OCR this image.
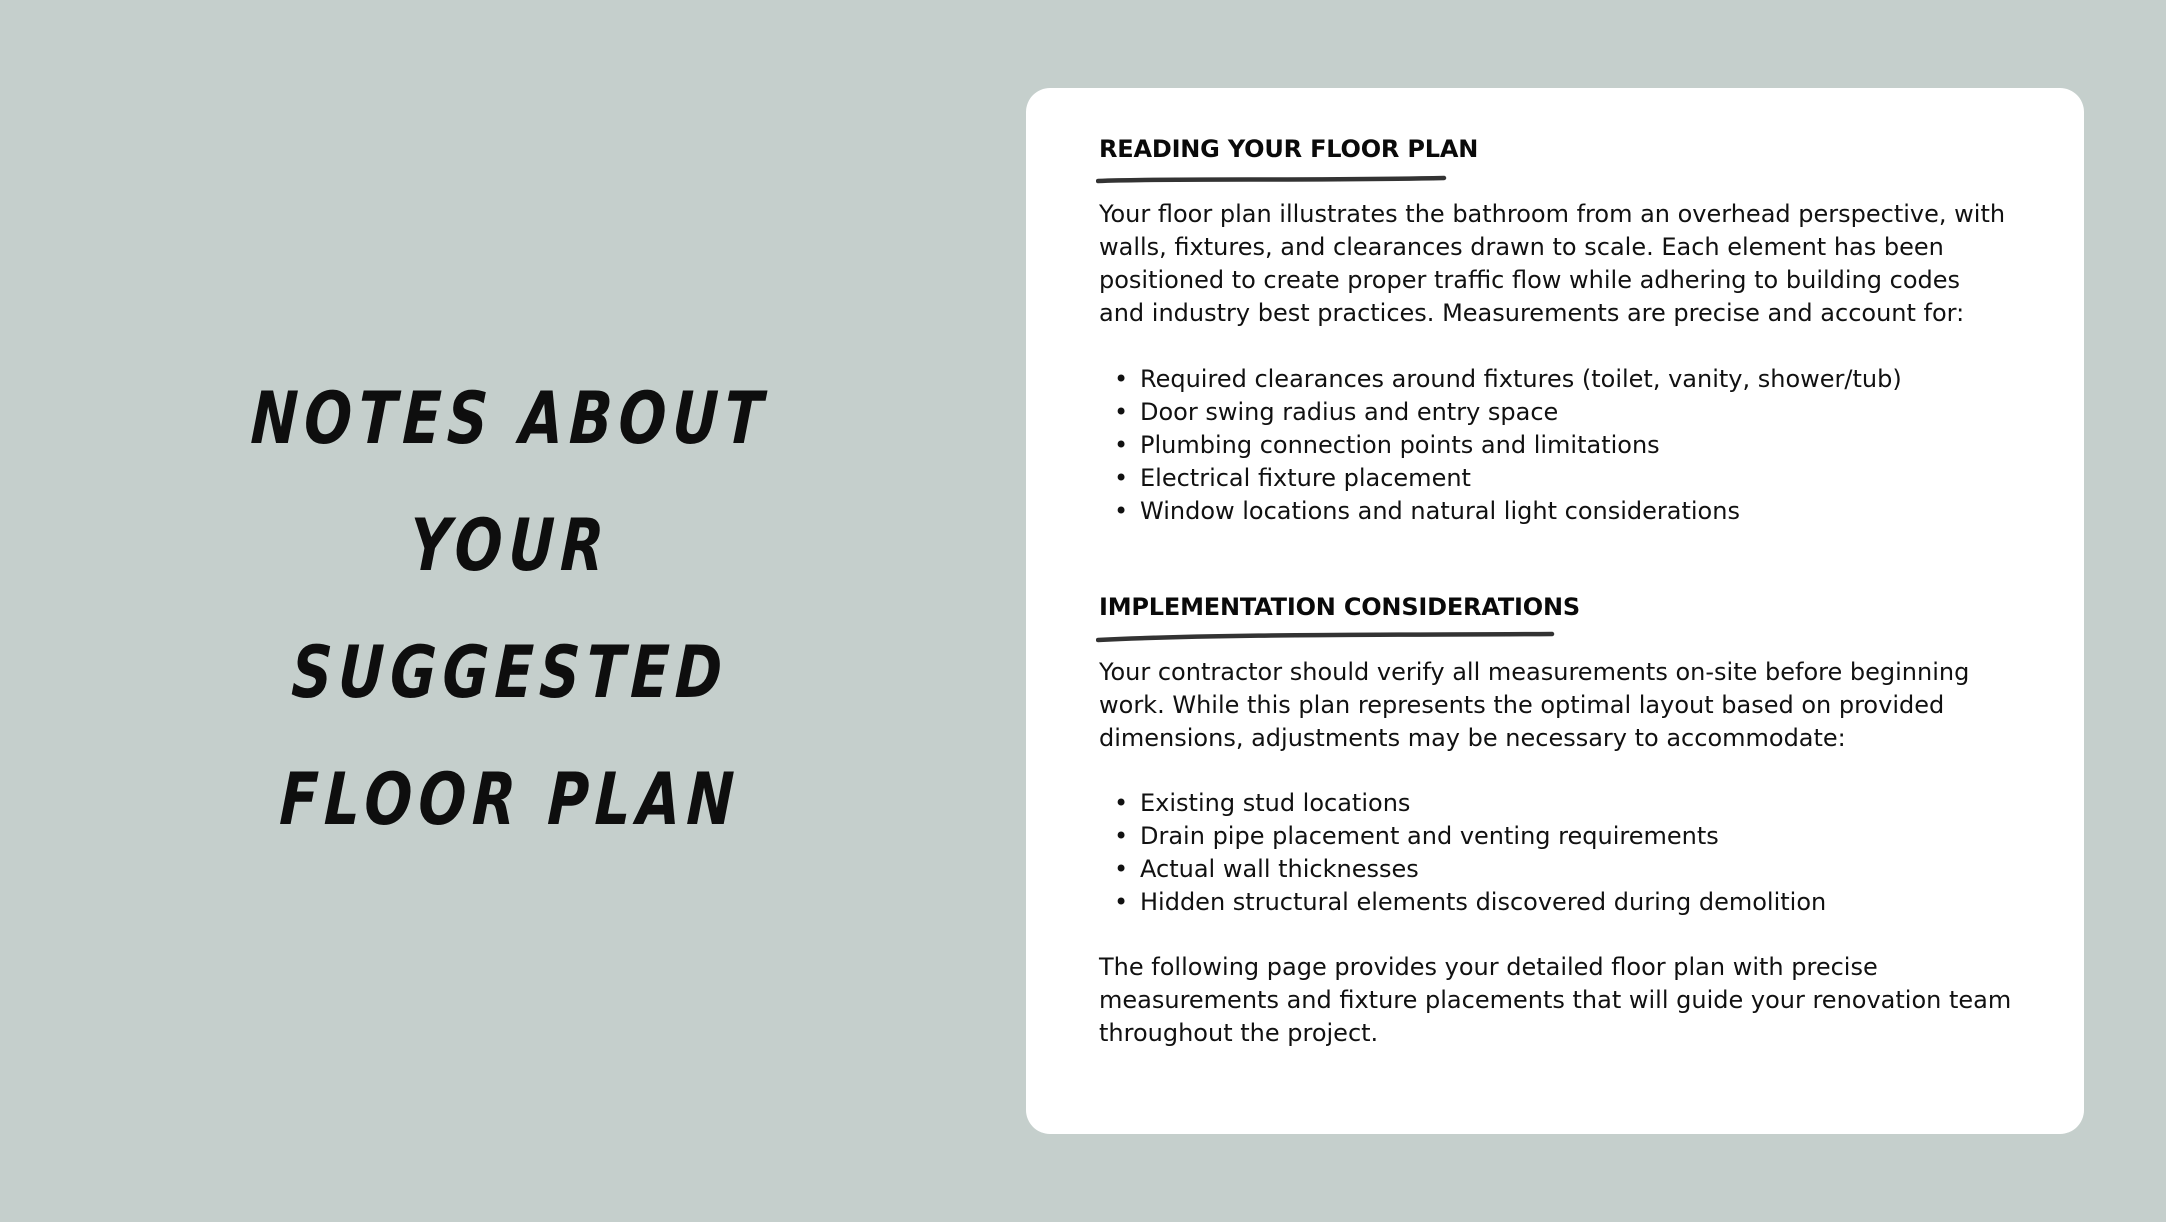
NOTES ABOUT
YOUR
SUGGESTED
FLOOR PLAN
READING YOUR FLOOR PLAN

Your floor plan illustrates the bathroom from an overhead perspective, with walls, fixtures, and clearances drawn to scale. Each element has been positioned to create proper traffic flow while adhering to building codes and industry best practices. Measurements are precise and account for:

• Required clearances around fixtures (toilet, vanity, shower/tub)
• Door swing radius and entry space
• Plumbing connection points and limitations
• Electrical fixture placement
• Window locations and natural light considerations
IMPLEMENTATION CONSIDERATIONS

Your contractor should verify all measurements on-site before beginning work. While this plan represents the optimal layout based on provided dimensions, adjustments may be necessary to accommodate:

• Existing stud locations
• Drain pipe placement and venting requirements
• Actual wall thicknesses
• Hidden structural elements discovered during demolition

The following page provides your detailed floor plan with precise measurements and fixture placements that will guide your renovation team throughout the project.
